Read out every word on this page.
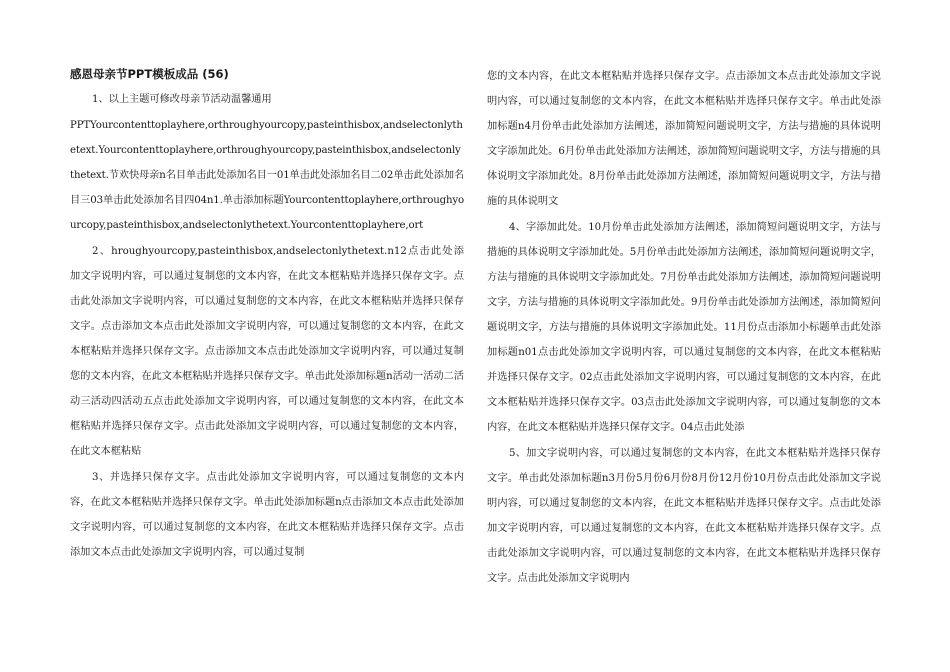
感恩母亲节PPT模板成品 (56)

1、以上主题可修改母亲节活动温馨通用

PPTYourcontenttoplayhere,orthroughyourcopy,pasteinthisbox,andselectonlythetext.Yourcontenttoplayhere,orthroughyourcopy,pasteinthisbox,andselectonlythetext.节欢快母亲n名目单击此处添加名目一01单击此处添加名目二02单击此处添加名目三03单击此处添加名目四04n1.单击添加标题Yourcontenttoplayhere,orthroughyourcopy,pasteinthisbox,andselectonlythetext.Yourcontenttoplayhere,ort

2、hroughyourcopy,pasteinthisbox,andselectonlythetext.n12点击此处添加文字说明内容，可以通过复制您的文本内容，在此文本框粘贴并选择只保存文字。点击此处添加文字说明内容，可以通过复制您的文本内容，在此文本框粘贴并选择只保存文字。点击添加文本点击此处添加文字说明内容，可以通过复制您的文本内容，在此文本框粘贴并选择只保存文字。点击添加文本点击此处添加文字说明内容，可以通过复制您的文本内容，在此文本框粘贴并选择只保存文字。单击此处添加标题n活动一活动二活动三活动四活动五点击此处添加文字说明内容，可以通过复制您的文本内容，在此文本框粘贴并选择只保存文字。点击此处添加文字说明内容，可以通过复制您的文本内容，在此文本框粘贴

3、并选择只保存文字。点击此处添加文字说明内容，可以通过复制您的文本内容，在此文本框粘贴并选择只保存文字。单击此处添加标题n点击添加文本点击此处添加文字说明内容，可以通过复制您的文本内容，在此文本框粘贴并选择只保存文字。点击添加文本点击此处添加文字说明内容，可以通过复制

您的文本内容，在此文本框粘贴并选择只保存文字。点击添加文本点击此处添加文字说明内容，可以通过复制您的文本内容，在此文本框粘贴并选择只保存文字。单击此处添加标题n4月份单击此处添加方法阐述，添加简短问题说明文字，方法与措施的具体说明文字添加此处。6月份单击此处添加方法阐述，添加简短问题说明文字，方法与措施的具体说明文字添加此处。8月份单击此处添加方法阐述，添加简短问题说明文字，方法与措施的具体说明文

4、字添加此处。10月份单击此处添加方法阐述，添加简短问题说明文字，方法与措施的具体说明文字添加此处。5月份单击此处添加方法阐述，添加简短问题说明文字，方法与措施的具体说明文字添加此处。7月份单击此处添加方法阐述，添加简短问题说明文字，方法与措施的具体说明文字添加此处。9月份单击此处添加方法阐述，添加简短问题说明文字，方法与措施的具体说明文字添加此处。11月份点击添加小标题单击此处添加标题n01点击此处添加文字说明内容，可以通过复制您的文本内容，在此文本框粘贴并选择只保存文字。02点击此处添加文字说明内容，可以通过复制您的文本内容，在此文本框粘贴并选择只保存文字。03点击此处添加文字说明内容，可以通过复制您的文本内容，在此文本框粘贴并选择只保存文字。04点击此处添

5、加文字说明内容，可以通过复制您的文本内容，在此文本框粘贴并选择只保存文字。单击此处添加标题n3月份5月份6月份8月份12月份10月份点击此处添加文字说明内容，可以通过复制您的文本内容，在此文本框粘贴并选择只保存文字。点击此处添加文字说明内容，可以通过复制您的文本内容，在此文本框粘贴并选择只保存文字。点击此处添加文字说明内容，可以通过复制您的文本内容，在此文本框粘贴并选择只保存文字。点击此处添加文字说明内
